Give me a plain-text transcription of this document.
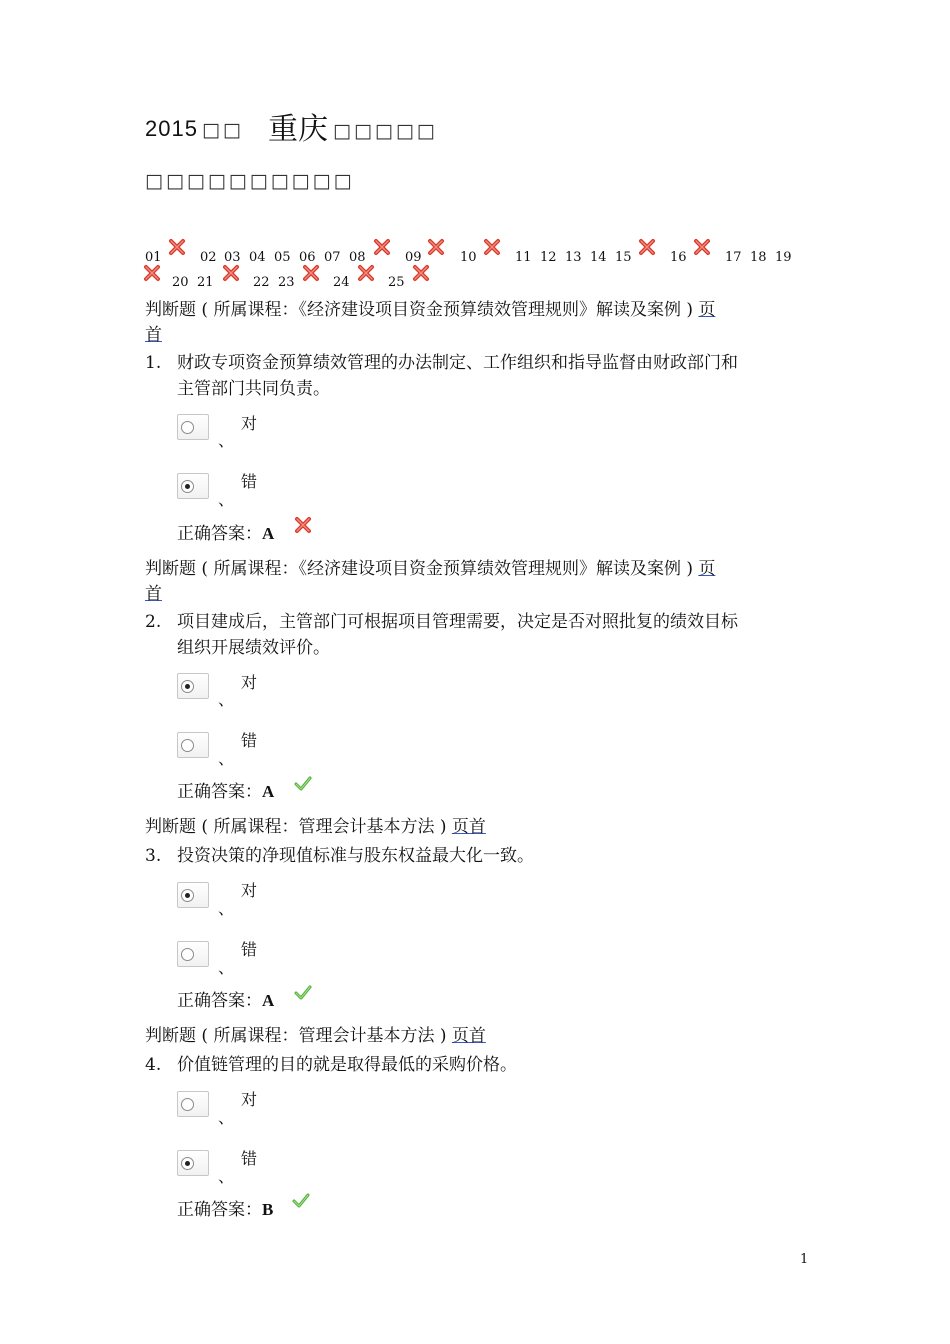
2015 □□ 重庆 □□□□□
□□□□□□□□□□
01	02 03 04 05 06 07 08	09	10	11 12 13 14 15	16	17 18 19
20 21	22 23	24	25
判断题 ( 所属课程：《经济建设项目资金预算绩效管理规则》解读及案例 ) 页
首
1. 财政专项资金预算绩效管理的办法制定、工作组织和指导监督由财政部门和
主管部门共同负责。
对
、
错
、
正确答案：A
判断题 ( 所属课程：《经济建设项目资金预算绩效管理规则》解读及案例 ) 页
首
2. 项目建成后，主管部门可根据项目管理需要，决定是否对照批复的绩效目标
组织开展绩效评价。
对
、
错
、
正确答案：A
判断题 ( 所属课程：管理会计基本方法 ) 页首
3. 投资决策的净现值标准与股东权益最大化一致。
对
、
错
、
正确答案：A
判断题 ( 所属课程：管理会计基本方法 ) 页首
4. 价值链管理的目的就是取得最低的采购价格。
对
、
错
、
正确答案：B
1
